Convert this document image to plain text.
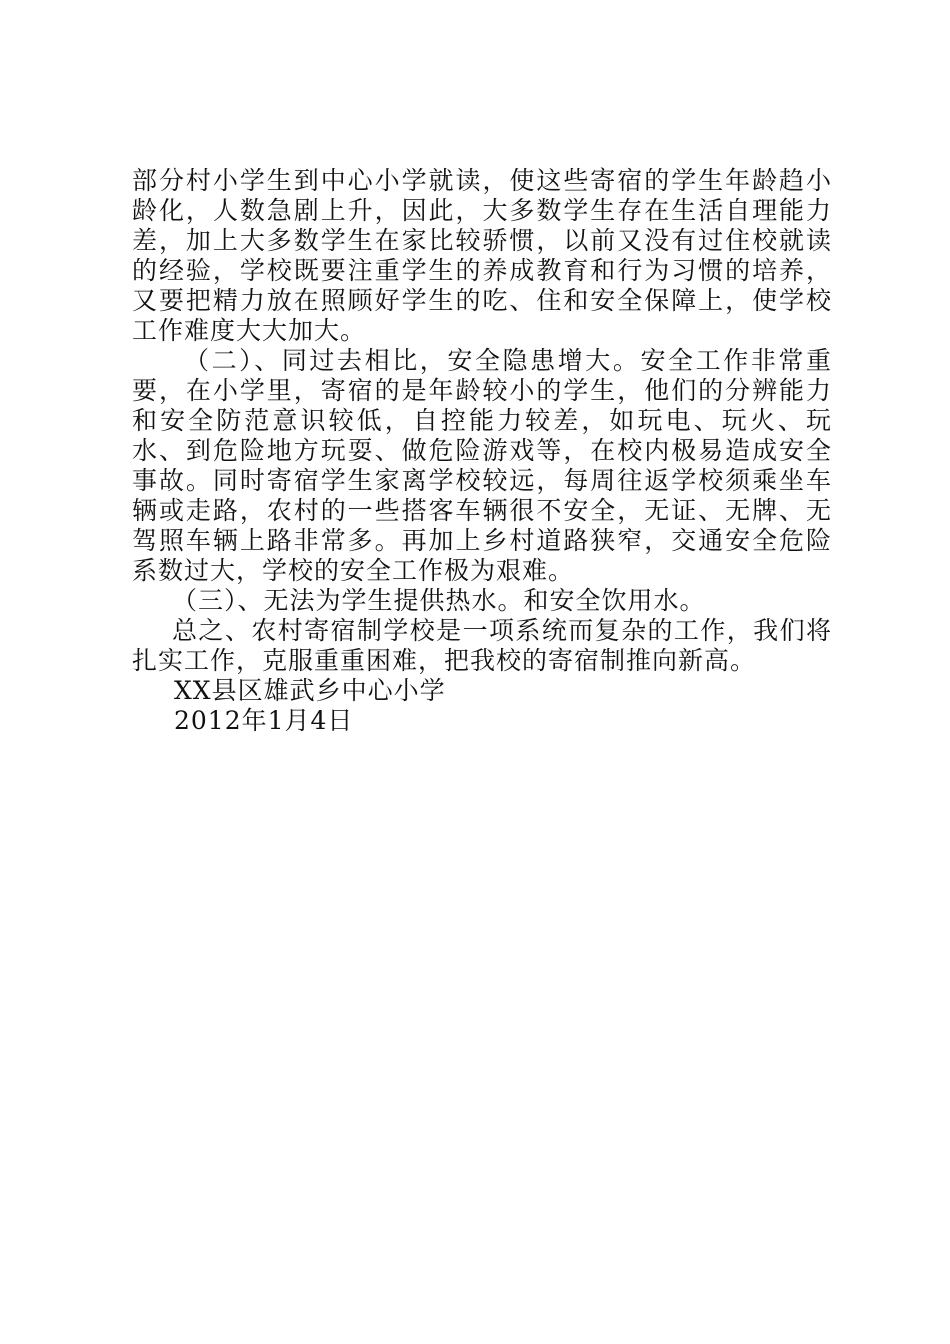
部分村小学生到中心小学就读，使这些寄宿的学生年龄趋小龄化，人数急剧上升，因此，大多数学生存在生活自理能力差，加上大多数学生在家比较骄惯，以前又没有过住校就读的经验，学校既要注重学生的养成教育和行为习惯的培养，又要把精力放在照顾好学生的吃、住和安全保障上，使学校工作难度大大加大。

（二）、同过去相比，安全隐患增大。安全工作非常重要，在小学里，寄宿的是年龄较小的学生，他们的分辨能力和安全防范意识较低，自控能力较差，如玩电、玩火、玩水、到危险地方玩耍、做危险游戏等，在校内极易造成安全事故。同时寄宿学生家离学校较远，每周往返学校须乘坐车辆或走路，农村的一些搭客车辆很不安全，无证、无牌、无驾照车辆上路非常多。再加上乡村道路狭窄，交通安全危险系数过大，学校的安全工作极为艰难。

（三）、无法为学生提供热水。和安全饮用水。

总之、农村寄宿制学校是一项系统而复杂的工作，我们将扎实工作，克服重重困难，把我校的寄宿制推向新高。

XX县区雄武乡中心小学

2012年1月4日
